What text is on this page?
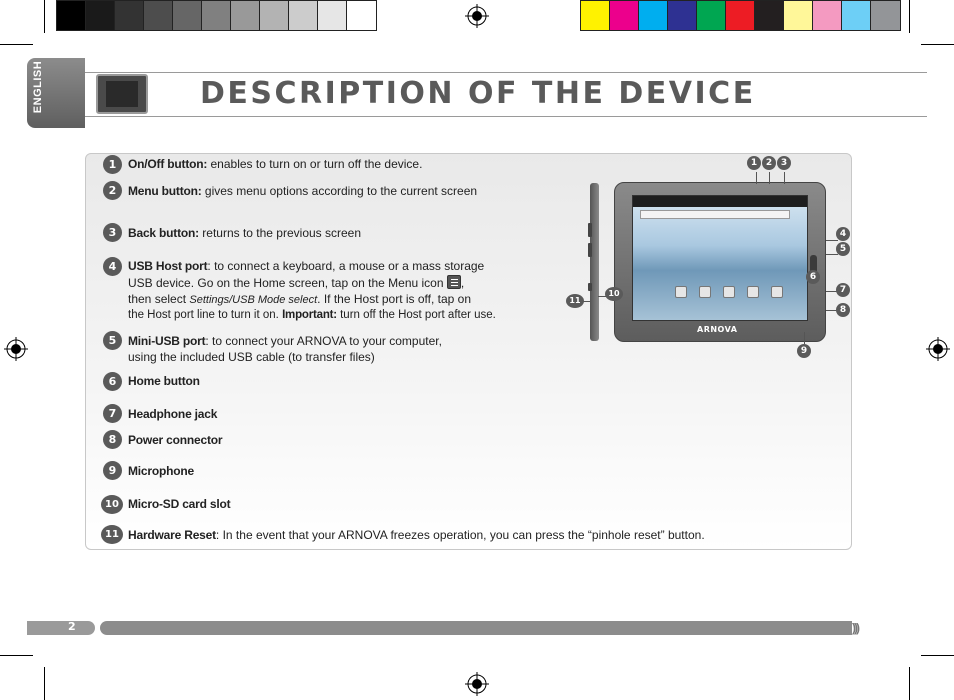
ENGLISH	DESCRIPTION OF THE DEVICE
1 On/Off button: enables to turn on or turn off the device.
2 Menu button: gives menu options according to the current screen
3 Back button: returns to the previous screen
4 USB Host port: to connect a keyboard, a mouse or a mass storage
USB device. Go on the Home screen, tap on the Menu icon ,
then select Settings/USB Mode select. If the Host port is off, tap on
the Host port line to turn it on. Important: turn off the Host port after use.
5 Mini-USB port: to connect your ARNOVA to your computer,
using the included USB cable (to transfer files)
6 Home button
7 Headphone jack
8 Power connector
9 Microphone
10 Micro-SD card slot
11 Hardware Reset: In the event that your ARNOVA freezes operation, you can press the “pinhole reset” button.
ARNOVA
1 2 3
4
5
6
7
8
9
10
11
2	)))
